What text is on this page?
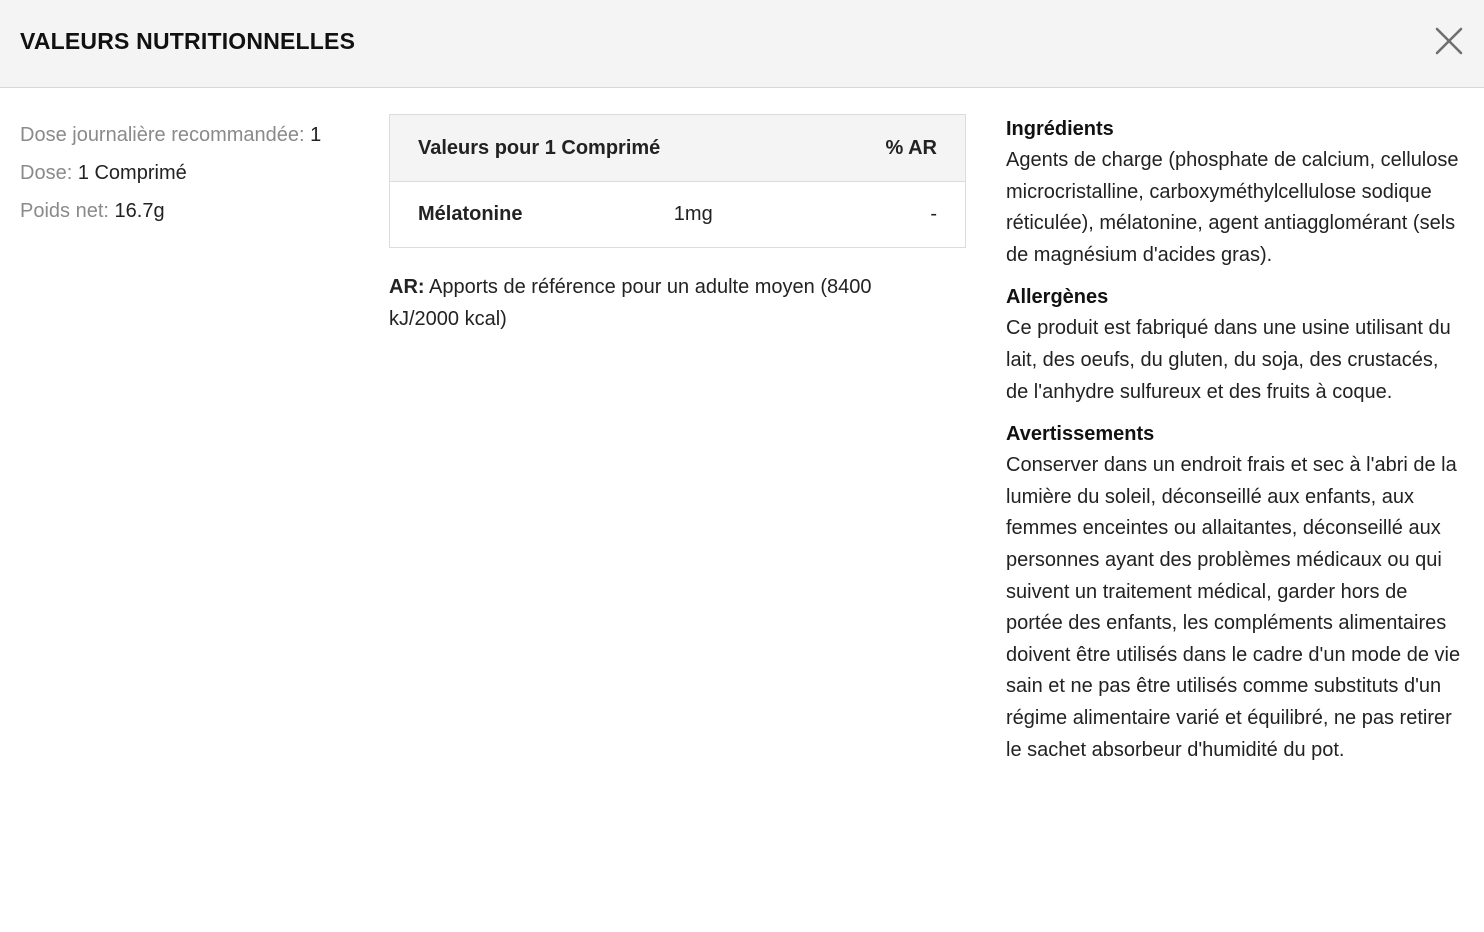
VALEURS NUTRITIONNELLES
Dose journalière recommandée: 1
Dose: 1 Comprimé
Poids net: 16.7g
Valeurs pour 1 Comprimé		% AR
Mélatonine	1mg	-

AR: Apports de référence pour un adulte moyen (8400 kJ/2000 kcal)

Ingrédients

Agents de charge (phosphate de calcium, cellulose microcristalline, carboxyméthylcellulose sodique réticulée), mélatonine, agent antiagglomérant (sels de magnésium d'acides gras).

Allergènes

Ce produit est fabriqué dans une usine utilisant du lait, des oeufs, du gluten, du soja, des crustacés, de l'anhydre sulfureux et des fruits à coque.

Avertissements

Conserver dans un endroit frais et sec à l'abri de la lumière du soleil, déconseillé aux enfants, aux femmes enceintes ou allaitantes, déconseillé aux personnes ayant des problèmes médicaux ou qui suivent un traitement médical, garder hors de portée des enfants, les compléments alimentaires doivent être utilisés dans le cadre d'un mode de vie sain et ne pas être utilisés comme substituts d'un régime alimentaire varié et équilibré, ne pas retirer le sachet absorbeur d'humidité du pot.
